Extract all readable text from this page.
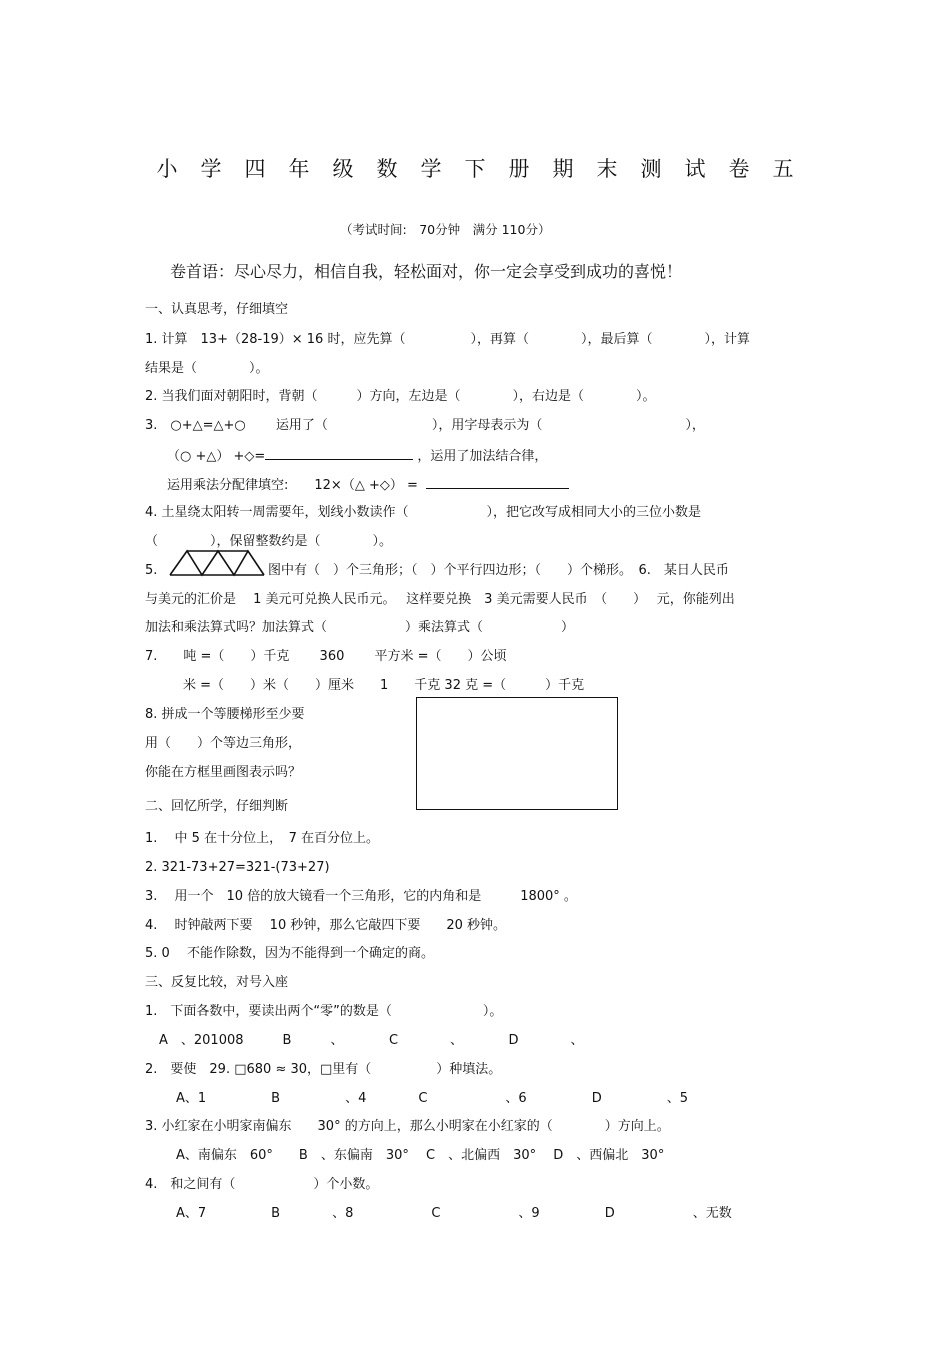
小学四年级数学下册期末测试卷五
（考试时间:　70分钟　满分 110分）
卷首语：尽心尽力，相信自我，轻松面对，你一定会享受到成功的喜悦！
一、认真思考，仔细填空
1. 计算　13+（28-19）× 16 时，应先算（　　　　　），再算（　　　　），最后算（　　　　），计算
结果是（　　　　）。
2. 当我们面对朝阳时，背朝（　　　）方向，左边是（　　　　），右边是（　　　　）。
3.　○+△=△+○　　 运用了（　　　　　　　　），用字母表示为（　　　　　　　　　　　），
（○ +△） +◇=	，运用了加法结合律，
运用乘法分配律填空:　　12×（△ +◇） =
4. 土星绕太阳转一周需要年，划线小数读作（　　　　　　），把它改写成相同大小的三位小数是
（　　　　），保留整数约是（　　　　）。
5.	图中有（　）个三角形；（　）个平行四边形；（　　）个梯形。　6.　某日人民币
与美元的汇价是　 1 美元可兑换人民币元。　 这样要兑换　3 美元需要人民币　（　　）　 元，你能列出
加法和乘法算式吗？加法算式（　　　　　　）乘法算式（　　　　　　）
7.　　吨 =（　　）千克　　 360　　 平方米 =（　　）公顷
米 =（　　）米（　　）厘米　　1　　千克 32 克 =（　　　）千克
8. 拼成一个等腰梯形至少要
用（　　）个等边三角形，
你能在方框里画图表示吗？
二、回忆所学，仔细判断
1.　 中 5 在十分位上，　7 在百分位上。
2. 321-73+27=321-(73+27)
3.　 用一个　10 倍的放大镜看一个三角形，它的内角和是　　　1800° 。
4.　 时钟敲两下要　 10 秒钟，那么它敲四下要　　20 秒钟。
5. 0　 不能作除数，因为不能得到一个确定的商。
三、反复比较，对号入座
1.　下面各数中，要读出两个“零”的数是（　　　　　　　）。
A　、201008　　　B　　　、　　　　C　　　　、　　　　D　　　　、
2.　要使　29. □680 ≈ 30，□里有（　　　　　）种填法。
A、1　　　　　B　　　　　、4　　　　C　　　　　　、6　　　　　D　　　　　、5
3. 小红家在小明家南偏东　　30° 的方向上，那么小明家在小红家的（　　　　）方向上。
A、南偏东　60°　　B　、东偏南　30°　 C　、北偏西　30°　 D　、西偏北　30°
4.　和之间有（　　　　　　）个小数。
A、7　　　　　B　　　　、8　　　　　　C　　　　　　、9　　　　　D　　　　　　、无数
